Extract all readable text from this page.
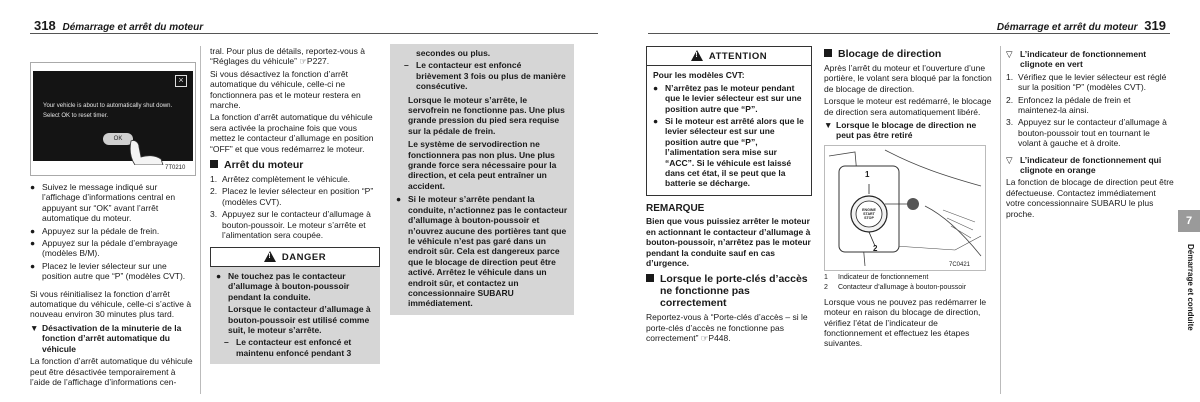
318 Démarrage et arrêt du moteur
×
Your vehicle is about to automatically shut down.
Select OK to reset timer.
OK
7T0210
● Suivez le message indiqué sur l’affichage d’informations central en appuyant sur “OK” avant l’arrêt automatique du moteur.
● Appuyez sur la pédale de frein.
● Appuyez sur la pédale d’embrayage (modèles B/M).
● Placez le levier sélecteur sur une position autre que “P” (modèles CVT).

Si vous réinitialisez la fonction d’arrêt automatique du véhicule, celle-ci s’active à nouveau environ 30 minutes plus tard.

▼ Désactivation de la minuterie de la fonction d’arrêt automatique du véhicule

La fonction d’arrêt automatique du véhicule peut être désactivée temporairement à l’aide de l’affichage d’informations cen-

tral. Pour plus de détails, reportez-vous à “Réglages du véhicule” ☞P227.

Si vous désactivez la fonction d’arrêt automatique du véhicule, celle-ci ne fonctionnera pas et le moteur restera en marche.

La fonction d’arrêt automatique du véhicule sera activée la prochaine fois que vous mettez le contacteur d’allumage en position “OFF” et que vous redémarrez le moteur.

Arrêt du moteur
1. Arrêtez complètement le véhicule.
2. Placez le levier sélecteur en position “P” (modèles CVT).
3. Appuyez sur le contacteur d’allumage à bouton-poussoir. Le moteur s’arrête et l’alimentation sera coupée.
! DANGER
● Ne touchez pas le contacteur d’allumage à bouton-poussoir pendant la conduite.

Lorsque le contacteur d’allumage à bouton-poussoir est utilisé comme suit, le moteur s’arrête.

– Le contacteur est enfoncé et maintenu enfoncé pendant 3

secondes ou plus.

– Le contacteur est enfoncé brièvement 3 fois ou plus de manière consécutive.

Lorsque le moteur s’arrête, le servofrein ne fonctionne pas. Une plus grande pression du pied sera requise sur la pédale de frein.

Le système de servodirection ne fonctionnera pas non plus. Une plus grande force sera nécessaire pour la direction, et cela peut entraîner un accident.

● Si le moteur s’arrête pendant la conduite, n’actionnez pas le contacteur d’allumage à bouton-poussoir et n’ouvrez aucune des portières tant que le véhicule n’est pas garé dans un endroit sûr. Cela est dangereux parce que le blocage de direction peut être activé. Arrêtez le véhicule dans un endroit sûr, et contactez un concessionnaire SUBARU immédiatement.
Démarrage et arrêt du moteur 319
! ATTENTION

Pour les modèles CVT:

● N’arrêtez pas le moteur pendant que le levier sélecteur est sur une position autre que “P”.
● Si le moteur est arrêté alors que le levier sélecteur est sur une position autre que “P”, l’alimentation sera mise sur “ACC”. Si le véhicule est laissé dans cet état, il se peut que la batterie se décharge.
REMARQUE

Bien que vous puissiez arrêter le moteur en actionnant le contacteur d’allumage à bouton-poussoir, n’arrêtez pas le moteur pendant la conduite sauf en cas d’urgence.

Lorsque le porte-clés d’accès ne fonctionne pas correctement

Reportez-vous à “Porte-clés d’accès – si le porte-clés d’accès ne fonctionne pas correctement” ☞P448.

Blocage de direction

Après l’arrêt du moteur et l’ouverture d’une portière, le volant sera bloqué par la fonction de blocage de direction.

Lorsque le moteur est redémarré, le blocage de direction sera automatiquement libéré.

▼ Lorsque le blocage de direction ne peut pas être retiré
1
2
ENGINE START STOP
7C0421
1 Indicateur de fonctionnement
2 Contacteur d’allumage à bouton-poussoir

Lorsque vous ne pouvez pas redémarrer le moteur en raison du blocage de direction, vérifiez l’état de l’indicateur de fonctionnement et effectuez les étapes suivantes.

▽ L’indicateur de fonctionnement clignote en vert
1. Vérifiez que le levier sélecteur est réglé sur la position “P” (modèles CVT).
2. Enfoncez la pédale de frein et maintenez-la ainsi.
3. Appuyez sur le contacteur d’allumage à bouton-poussoir tout en tournant le volant à gauche et à droite.
▽ L’indicateur de fonctionnement qui clignote en orange

La fonction de blocage de direction peut être défectueuse. Contactez immédiatement votre concessionnaire SUBARU le plus proche.

7
Démarrage et conduite
